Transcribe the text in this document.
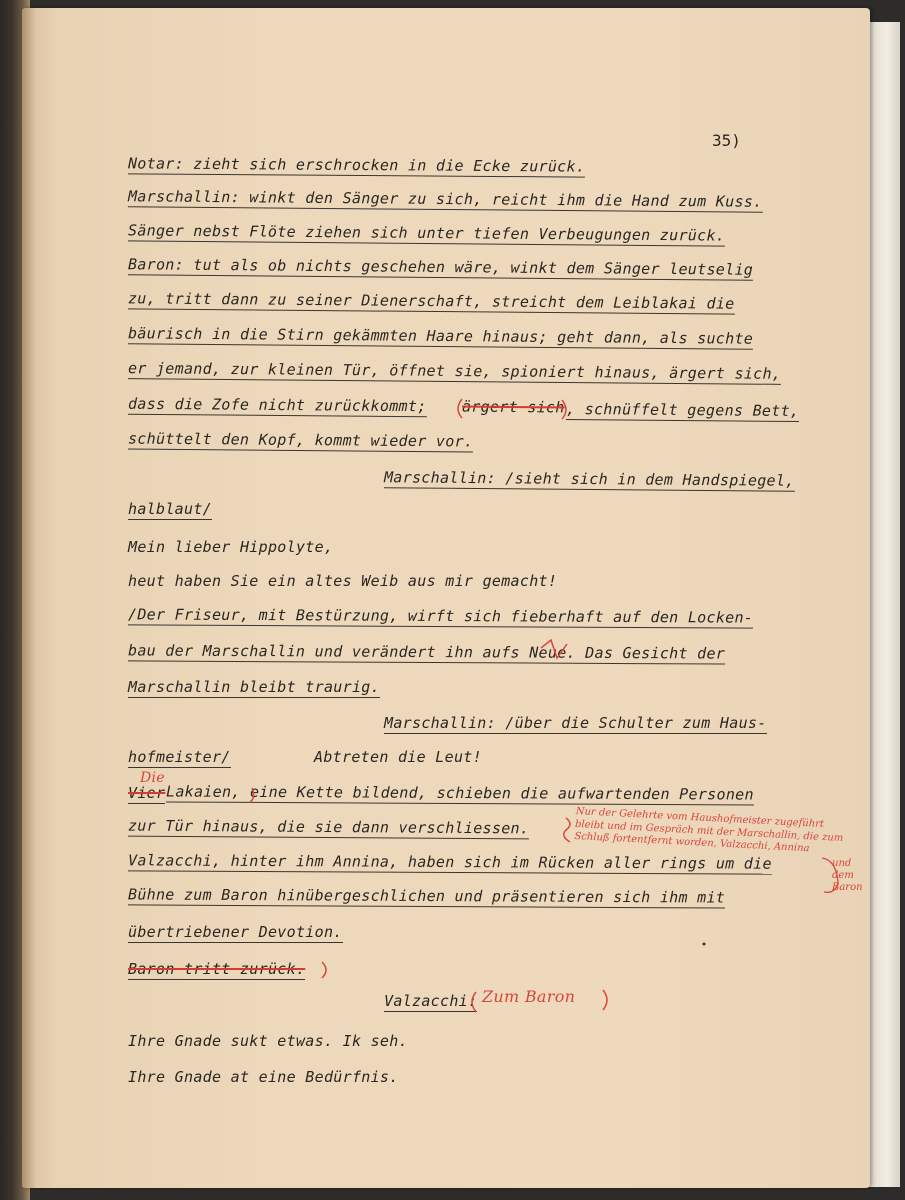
35)

Notar: zieht sich erschrocken in die Ecke zurück.

Marschallin: winkt den Sänger zu sich, reicht ihm die Hand zum Kuss.

Sänger nebst Flöte ziehen sich unter tiefen Verbeugungen zurück.

Baron: tut als ob nichts geschehen wäre, winkt dem Sänger leutselig

zu, tritt dann zu seiner Dienerschaft, streicht dem Leiblakai die

bäurisch in die Stirn gekämmten Haare hinaus; geht dann, als suchte

er jemand, zur kleinen Tür, öffnet sie, spioniert hinaus, ärgert sich,

dass die Zofe nicht zurückkommt; ärgert sich , schnüffelt gegens Bett,

schüttelt den Kopf, kommt wieder vor.

Marschallin: /sieht sich in dem Handspiegel,

halblaut/

Mein lieber Hippolyte,

heut haben Sie ein altes Weib aus mir gemacht!

/Der Friseur, mit Bestürzung, wirft sich fieberhaft auf den Locken-

bau der Marschallin und verändert ihn aufs Neue. Das Gesicht der

Marschallin bleibt traurig.

Marschallin: /über die Schulter zum Haus-

hofmeister/	Abtreten die Leut!

Vier

Die

Lakaien, eine Kette bildend, schieben die aufwartenden Personen

zur Tür hinaus, die sie dann verschliessen.

Valzacchi, hinter ihm Annina, haben sich im Rücken aller rings um die

Bühne zum Baron hinübergeschlichen und präsentieren sich ihm mit

übertriebener Devotion.

Baron tritt zurück.

Valzacchi: Zum Baron

Ihre Gnade sukt etwas. Ik seh.

Ihre Gnade at eine Bedürfnis.

Nur der Gelehrte vom Haushofmeister zugeführt bleibt und im Gespräch mit der Marschallin, die zum Schluß fortentfernt worden, Valzacchi, Annina
und dem Baron
